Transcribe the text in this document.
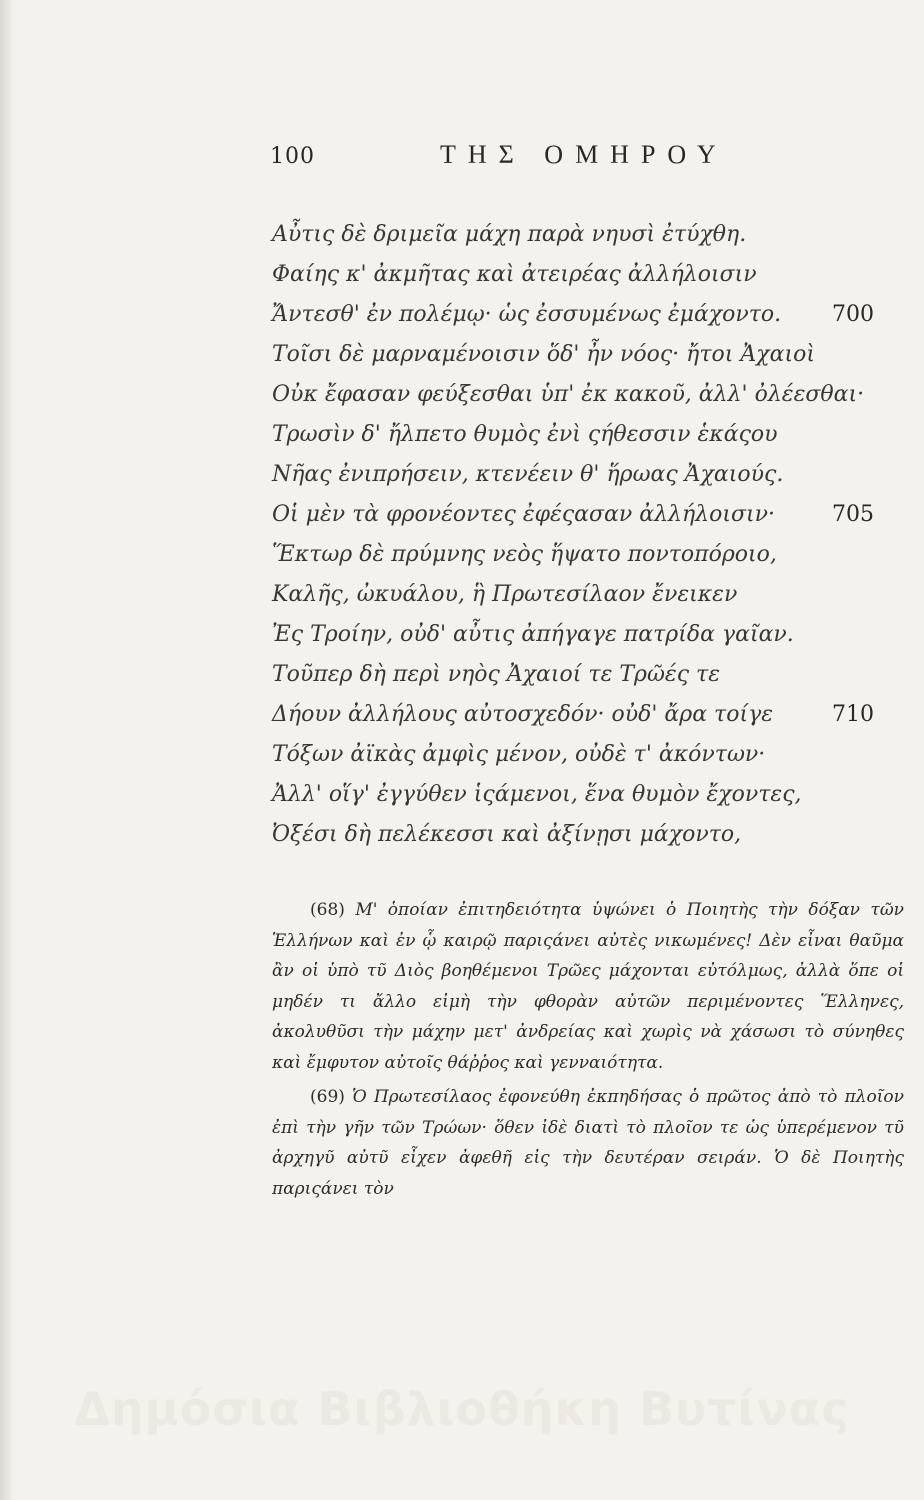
100	ΤΗΣ ΟΜΗΡΟΥ
Αὖτις δὲ δριμεῖα μάχη παρὰ νηυσὶ ἐτύχθη.
Φαίης κ' ἀκμῆτας καὶ ἀτειρέας ἀλλήλοισιν
Ἄντεσθ' ἐν πολέμῳ· ὡς ἐσσυμένως ἐμάχοντο. 700
Τοῖσι δὲ μαρναμένοισιν ὅδ' ἦν νόος· ἤτοι Ἀχαιοὶ
Οὐκ ἔφασαν φεύξεσθαι ὑπ' ἐκ κακοῦ, ἀλλ' ὀλέεσθαι·
Τρωσὶν δ' ἤλπετο θυμὸς ἐνὶ ςήθεσσιν ἑκάςου
Νῆας ἐνιπρήσειν, κτενέειν θ' ἥρωας Ἀχαιούς.
Οἱ μὲν τὰ φρονέοντες ἐφέςασαν ἀλλήλοισιν·	705
Ἕκτωρ δὲ πρύμνης νεὸς ἥψατο ποντοπόροιο,
Καλῆς, ὠκυάλου, ἣ Πρωτεσίλαον ἔνεικεν
Ἐς Τροίην, οὐδ' αὖτις ἀπήγαγε πατρίδα γαῖαν.
Τοῦπερ δὴ περὶ νηὸς Ἀχαιοί τε Τρῶές τε
Δήουν ἀλλήλους αὐτοσχεδόν· οὐδ' ἄρα τοίγε	710
Τόξων ἀϊκὰς ἀμφὶς μένον, οὐδὲ τ' ἀκόντων·
Ἀλλ' οἵγ' ἐγγύθεν ἱςάμενοι, ἕνα θυμὸν ἔχοντες,
Ὀξέσι δὴ πελέκεσσι καὶ ἀξίνῃσι μάχοντο,

(68) Μ' ὁποίαν ἐπιτηδειότητα ὑψώνει ὁ Ποιητὴς τὴν δόξαν τῶν Ἑλλήνων καὶ ἐν ᾧ καιρῷ παριςάνει αὐτὲς νικωμένες! Δὲν εἶναι θαῦμα ἂν οἱ ὑπὸ τῦ Διὸς βοηθέμενοι Τρῶες μάχονται εὐτόλμως, ἀλλὰ ὅπε οἱ μηδέν τι ἄλλο εἰμὴ τὴν φθορὰν αὐτῶν περιμένοντες Ἕλληνες, ἀκολυθῦσι τὴν μάχην μετ' ἀνδρείας καὶ χωρὶς νὰ χάσωσι τὸ σύνηθες καὶ ἔμφυτον αὐτοῖς θάῤῥος καὶ γενναιότητα.

(69) Ὁ Πρωτεσίλαος ἐφονεύθη ἐκπηδήσας ὁ πρῶτος ἀπὸ τὸ πλοῖον ἐπὶ τὴν γῆν τῶν Τρώων· ὅθεν ἰδὲ διατὶ τὸ πλοῖον τε ὡς ὑπερέμενον τῦ ἀρχηγῦ αὐτῦ εἶχεν ἀφεθῆ εἰς τὴν δευτέραν σειράν. Ὁ δὲ Ποιητὴς παριςάνει τὸν

Δημόσια Βιβλιοθήκη Βυτίνας
